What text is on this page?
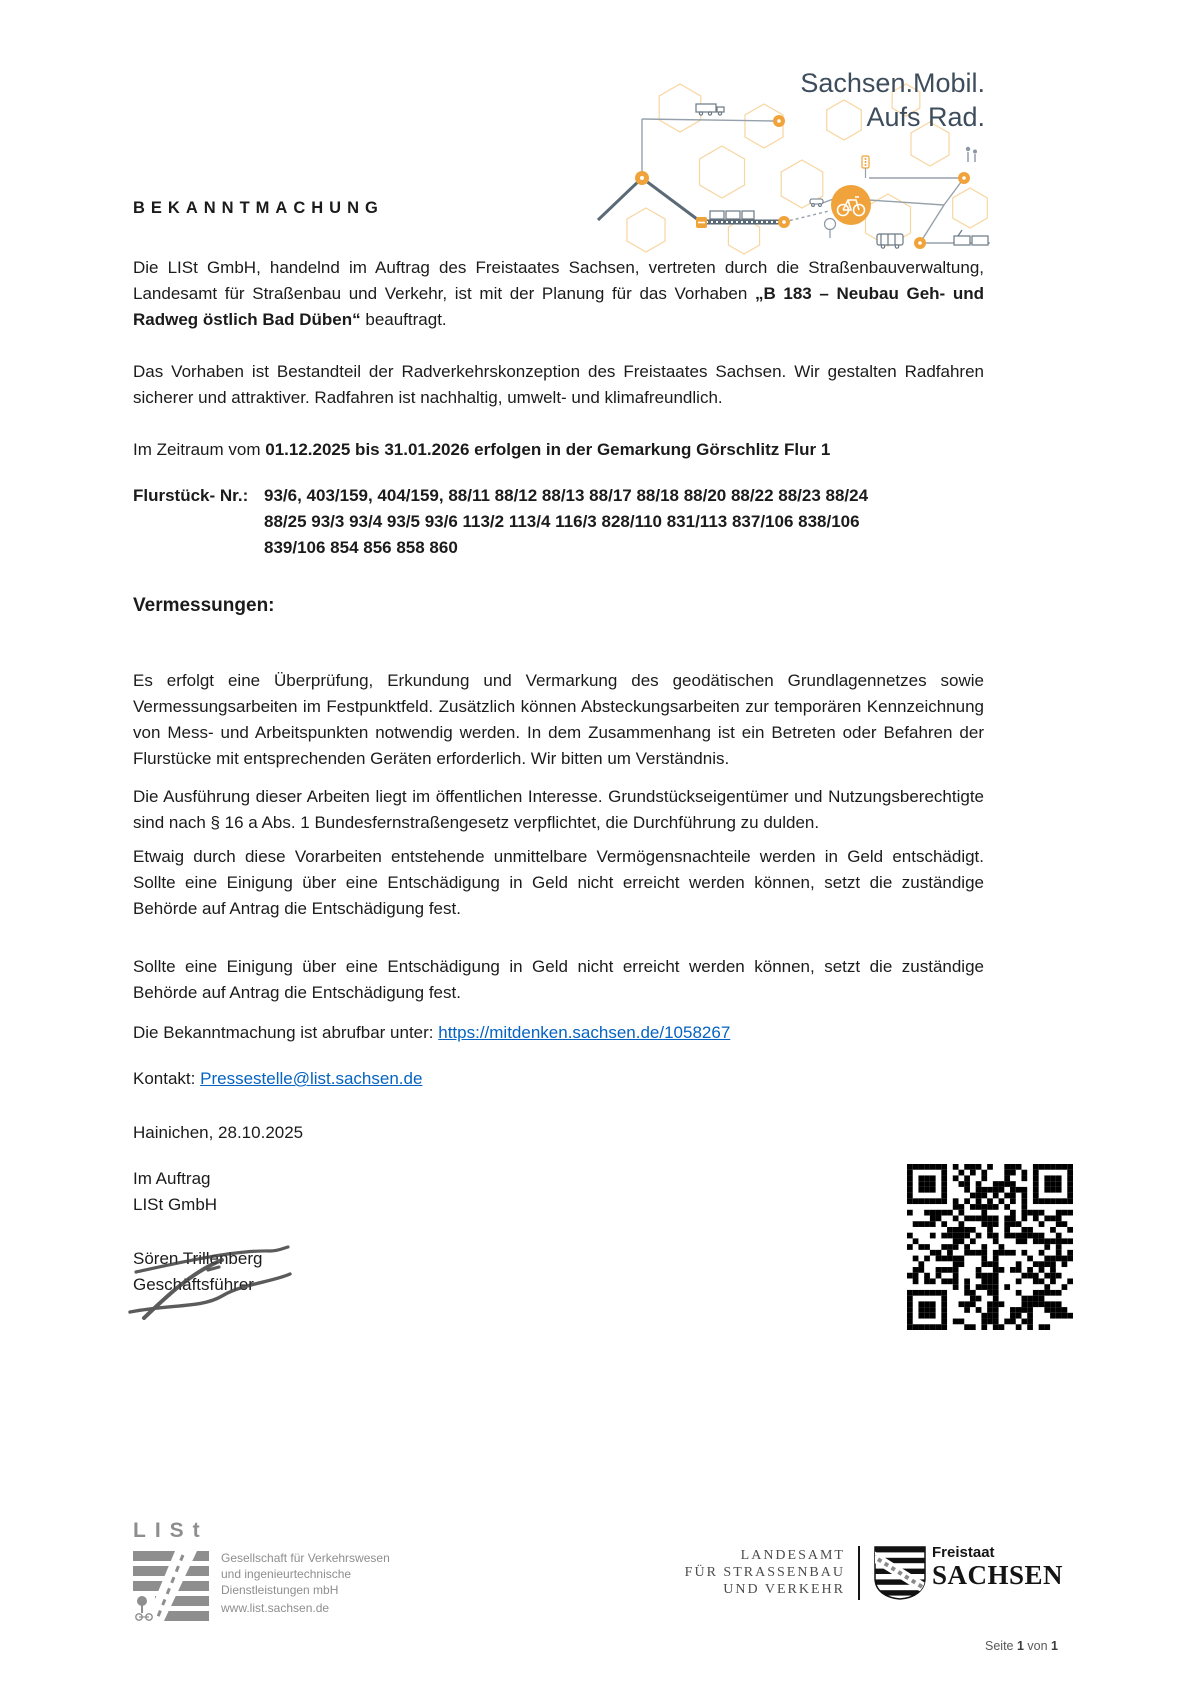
Sachsen.Mobil.
Aufs Rad.
BEKANNTMACHUNG

Die LISt GmbH, handelnd im Auftrag des Freistaates Sachsen, vertreten durch die Straßenbauverwaltung, Landesamt für Straßenbau und Verkehr, ist mit der Planung für das Vorhaben „B 183 – Neubau Geh- und Radweg östlich Bad Düben“ beauftragt.

Das Vorhaben ist Bestandteil der Radverkehrskonzeption des Freistaates Sachsen. Wir gestalten Radfahren sicherer und attraktiver. Radfahren ist nachhaltig, umwelt- und klimafreundlich.

Im Zeitraum vom 01.12.2025 bis 31.01.2026 erfolgen in der Gemarkung Görschlitz Flur 1

Flurstück- Nr.: 93/6, 403/159, 404/159, 88/11 88/12 88/13 88/17 88/18 88/20 88/22 88/23 88/24
88/25 93/3 93/4 93/5 93/6 113/2 113/4 116/3 828/110 831/113 837/106 838/106
839/106 854 856 858 860
Vermessungen:

Es erfolgt eine Überprüfung, Erkundung und Vermarkung des geodätischen Grundlagennetzes sowie Vermessungsarbeiten im Festpunktfeld. Zusätzlich können Absteckungsarbeiten zur temporären Kennzeichnung von Mess- und Arbeitspunkten notwendig werden. In dem Zusammenhang ist ein Betreten oder Befahren der Flurstücke mit entsprechenden Geräten erforderlich. Wir bitten um Verständnis.

Die Ausführung dieser Arbeiten liegt im öffentlichen Interesse. Grundstückseigentümer und Nutzungsberechtigte sind nach § 16 a Abs. 1 Bundesfernstraßengesetz verpflichtet, die Durchführung zu dulden.

Etwaig durch diese Vorarbeiten entstehende unmittelbare Vermögensnachteile werden in Geld entschädigt. Sollte eine Einigung über eine Entschädigung in Geld nicht erreicht werden können, setzt die zuständige Behörde auf Antrag die Entschädigung fest.

Sollte eine Einigung über eine Entschädigung in Geld nicht erreicht werden können, setzt die zuständige Behörde auf Antrag die Entschädigung fest.

Die Bekanntmachung ist abrufbar unter: https://mitdenken.sachsen.de/1058267

Kontakt: Pressestelle@list.sachsen.de

Hainichen, 28.10.2025

Im Auftrag
LISt GmbH
Sören Trillenberg
Geschäftsführer
LISt
Gesellschaft für Verkehrswesen
und ingenieurtechnische
Dienstleistungen mbH
www.list.sachsen.de
LANDESAMT
FÜR STRASSENBAU
UND VERKEHR
Freistaat
SACHSEN
Seite 1 von 1
